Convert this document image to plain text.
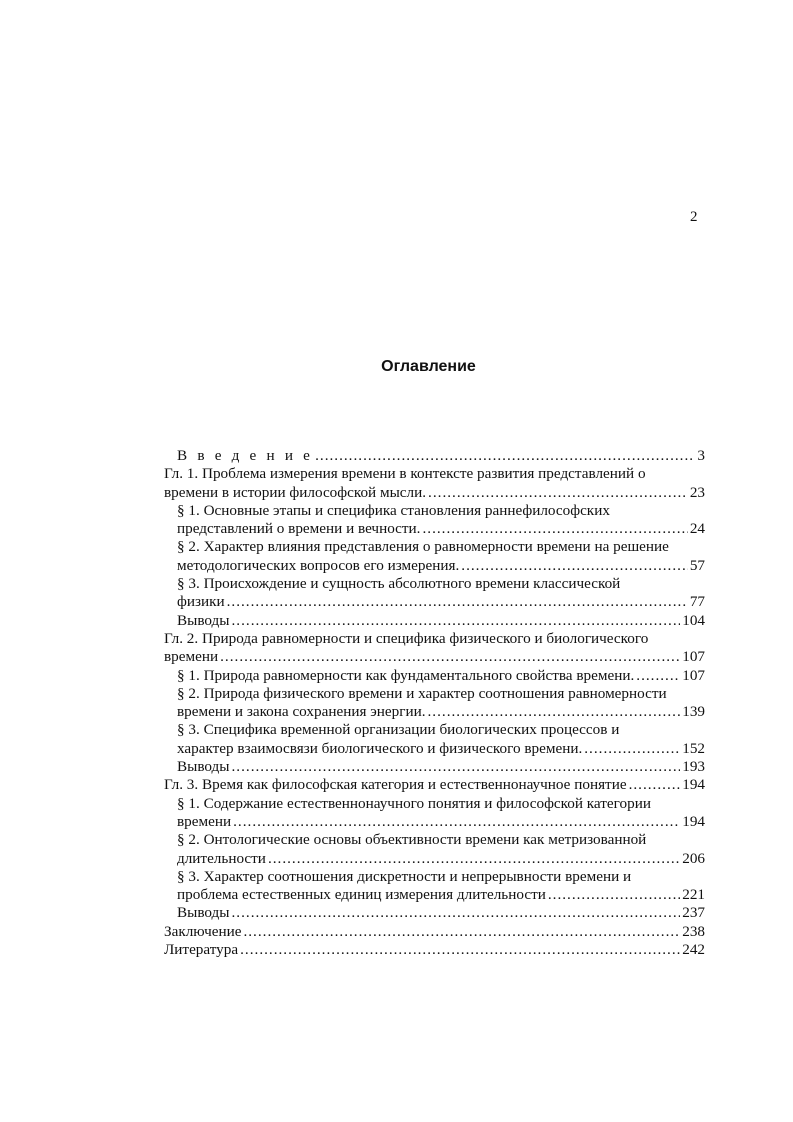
2
Оглавление
В в е д е н и е .....	3
Гл. 1. Проблема измерения времени в контексте развития представлений о
времени в истории философской мысли. .....	23
§ 1. Основные этапы и специфика становления раннефилософских
представлений о времени и вечности. .....	24
§ 2. Характер влияния представления о равномерности времени на решение
методологических вопросов его измерения. .....	57
§ 3. Происхождение и сущность абсолютного времени классической
физики .....	77
Выводы .....	104
Гл. 2. Природа равномерности и специфика физического и биологического
времени .....	107
§ 1. Природа равномерности как фундаментального свойства времени. .....	107
§ 2. Природа физического времени и характер соотношения равномерности
времени и закона сохранения энергии. .....	139
§ 3. Специфика временной организации биологических процессов и
характер взаимосвязи биологического и физического времени. .....	152
Выводы .....	193
Гл. 3. Время как философская категория и естественнонаучное понятие .....	194
§ 1. Содержание естественнонаучного понятия и философской категории
времени .....	194
§ 2. Онтологические основы объективности времени как метризованной
длительности .....	206
§ 3. Характер соотношения дискретности и непрерывности времени и
проблема естественных единиц измерения длительности .....	221
Выводы .....	237
Заключение .....	238
Литература .....	242
